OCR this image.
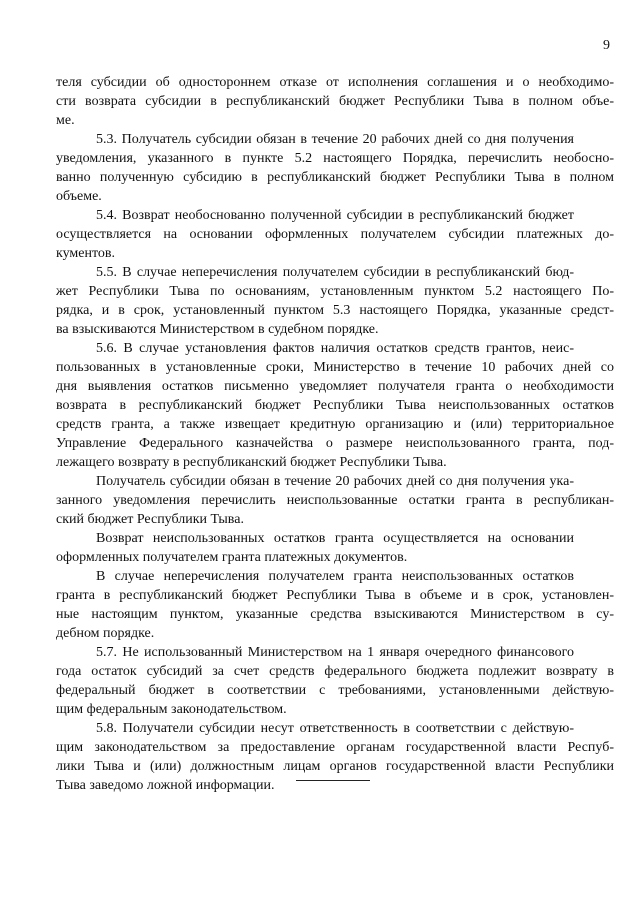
9
теля субсидии об одностороннем отказе от исполнения соглашения и о необходимо-
сти возврата субсидии в республиканский бюджет Республики Тыва в полном объе-
ме.
5.3. Получатель субсидии обязан в течение 20 рабочих дней со дня получения
уведомления, указанного в пункте 5.2 настоящего Порядка, перечислить необосно-
ванно полученную субсидию в республиканский бюджет Республики Тыва в полном
объеме.
5.4. Возврат необоснованно полученной субсидии в республиканский бюджет
осуществляется на основании оформленных получателем субсидии платежных до-
кументов.
5.5. В случае неперечисления получателем субсидии в республиканский бюд-
жет Республики Тыва по основаниям, установленным пунктом 5.2 настоящего По-
рядка, и в срок, установленный пунктом 5.3 настоящего Порядка, указанные средст-
ва взыскиваются Министерством в судебном порядке.
5.6. В случае установления фактов наличия остатков средств грантов, неис-
пользованных в установленные сроки, Министерство в течение 10 рабочих дней со
дня выявления остатков письменно уведомляет получателя гранта о необходимости
возврата в республиканский бюджет Республики Тыва неиспользованных остатков
средств гранта, а также извещает кредитную организацию и (или) территориальное
Управление Федерального казначейства о размере неиспользованного гранта, под-
лежащего возврату в республиканский бюджет Республики Тыва.
Получатель субсидии обязан в течение 20 рабочих дней со дня получения ука-
занного уведомления перечислить неиспользованные остатки гранта в республикан-
ский бюджет Республики Тыва.
Возврат неиспользованных остатков гранта осуществляется на основании
оформленных получателем гранта платежных документов.
В случае неперечисления получателем гранта неиспользованных остатков
гранта в республиканский бюджет Республики Тыва в объеме и в срок, установлен-
ные настоящим пунктом, указанные средства взыскиваются Министерством в су-
дебном порядке.
5.7. Не использованный Министерством на 1 января очередного финансового
года остаток субсидий за счет средств федерального бюджета подлежит возврату в
федеральный бюджет в соответствии с требованиями, установленными действую-
щим федеральным законодательством.
5.8. Получатели субсидии несут ответственность в соответствии с действую-
щим законодательством за предоставление органам государственной власти Респуб-
лики Тыва и (или) должностным лицам органов государственной власти Республики
Тыва заведомо ложной информации.
